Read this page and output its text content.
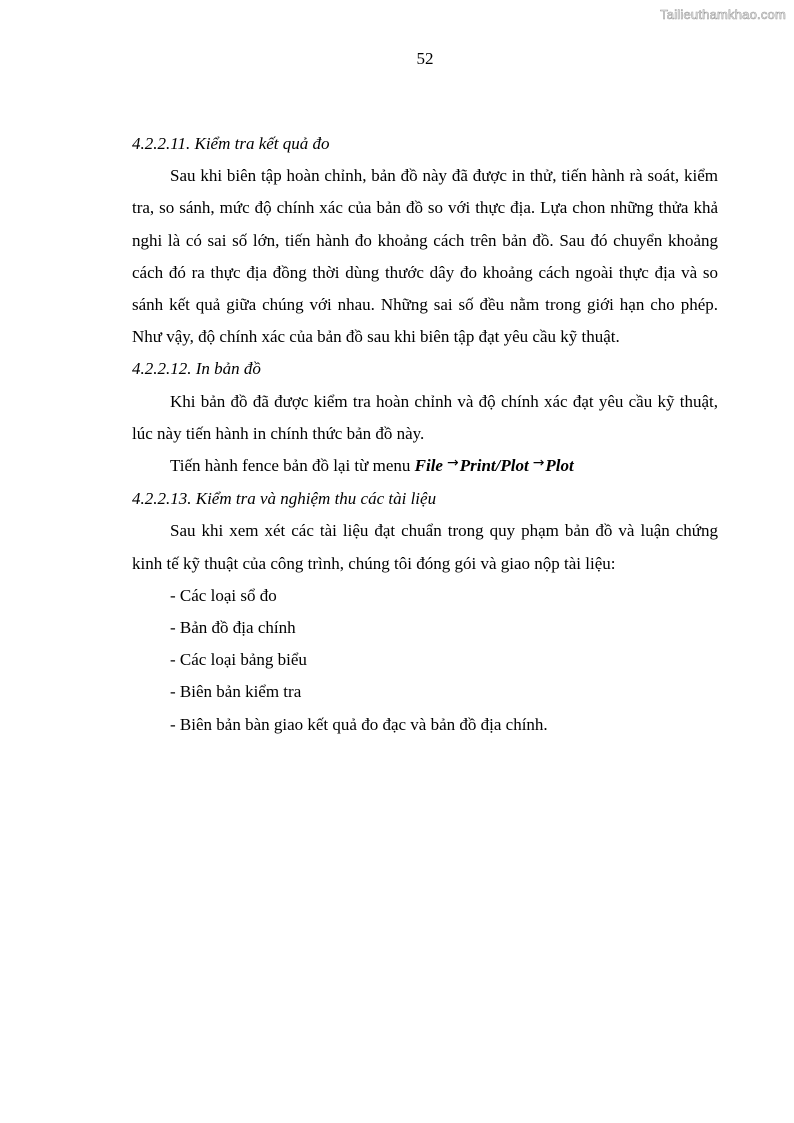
Tailieuthamkhao.com
52

4.2.2.11. Kiểm tra kết quả đo

Sau khi biên tập hoàn chỉnh, bản đồ này đã được in thử, tiến hành rà soát, kiểm tra, so sánh, mức độ chính xác của bản đồ so với thực địa. Lựa chon những thửa khả nghi là có sai số lớn, tiến hành đo khoảng cách trên bản đồ. Sau đó chuyển khoảng cách đó ra thực địa đồng thời dùng thước dây đo khoảng cách ngoài thực địa và so sánh kết quả giữa chúng với nhau. Những sai số đều nằm trong giới hạn cho phép. Như vậy, độ chính xác của bản đồ sau khi biên tập đạt yêu cầu kỹ thuật.

4.2.2.12. In bản đồ

Khi bản đồ đã được kiểm tra hoàn chỉnh và độ chính xác đạt yêu cầu kỹ thuật, lúc này tiến hành in chính thức bản đồ này.

Tiến hành fence bản đồ lại từ menu File →Print/Plot →Plot

4.2.2.13. Kiểm tra và nghiệm thu các tài liệu

Sau khi xem xét các tài liệu đạt chuẩn trong quy phạm bản đồ và luận chứng kinh tế kỹ thuật của công trình, chúng tôi đóng gói và giao nộp tài liệu:

- Các loại sổ đo

- Bản đồ địa chính

- Các loại bảng biểu

- Biên bản kiểm tra

- Biên bản bàn giao kết quả đo đạc và bản đồ địa chính.
